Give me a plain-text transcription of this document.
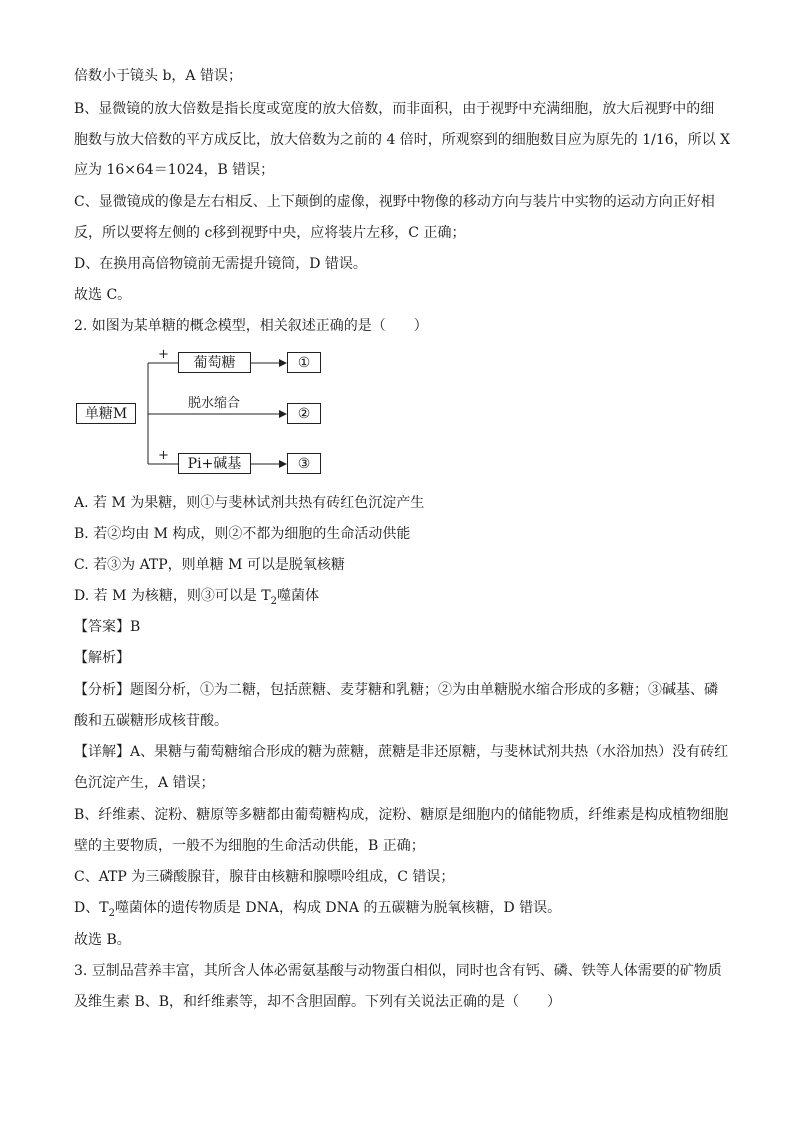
倍数小于镜头 b，A 错误；
B、显微镜的放大倍数是指长度或宽度的放大倍数，而非面积，由于视野中充满细胞，放大后视野中的细
胞数与放大倍数的平方成反比，放大倍数为之前的 4 倍时，所观察到的细胞数目应为原先的 1/16，所以 X
应为 16×64＝1024，B 错误；
C、显微镜成的像是左右相反、上下颠倒的虚像，视野中物像的移动方向与装片中实物的运动方向正好相
反，所以要将左侧的 c移到视野中央，应将装片左移，C 正确；
D、在换用高倍物镜前无需提升镜筒，D 错误。
故选 C。
2. 如图为某单糖的概念模型，相关叙述正确的是（　　）
单糖M
+
葡萄糖	①
脱水缩合
②
+
Pi+碱基	③
A. 若 M 为果糖，则①与斐林试剂共热有砖红色沉淀产生
B. 若②均由 M 构成，则②不都为细胞的生命活动供能
C. 若③为 ATP，则单糖 M 可以是脱氧核糖
D. 若 M 为核糖，则③可以是 $T_2$噬菌体
【答案】B
【解析】
【分析】题图分析，①为二糖，包括蔗糖、麦芽糖和乳糖；②为由单糖脱水缩合形成的多糖；③碱基、磷
酸和五碳糖形成核苷酸。
【详解】A、果糖与葡萄糖缩合形成的糖为蔗糖，蔗糖是非还原糖，与斐林试剂共热（水浴加热）没有砖红
色沉淀产生，A 错误；
B、纤维素、淀粉、糖原等多糖都由葡萄糖构成，淀粉、糖原是细胞内的储能物质，纤维素是构成植物细胞
壁的主要物质，一般不为细胞的生命活动供能，B 正确；
C、ATP 为三磷酸腺苷，腺苷由核糖和腺嘌呤组成，C 错误；
D、$T_2$噬菌体的遗传物质是 DNA，构成 DNA 的五碳糖为脱氧核糖，D 错误。
故选 B。
3. 豆制品营养丰富，其所含人体必需氨基酸与动物蛋白相似，同时也含有钙、磷、铁等人体需要的矿物质
及维生素 B、B，和纤维素等，却不含胆固醇。下列有关说法正确的是（　　）
